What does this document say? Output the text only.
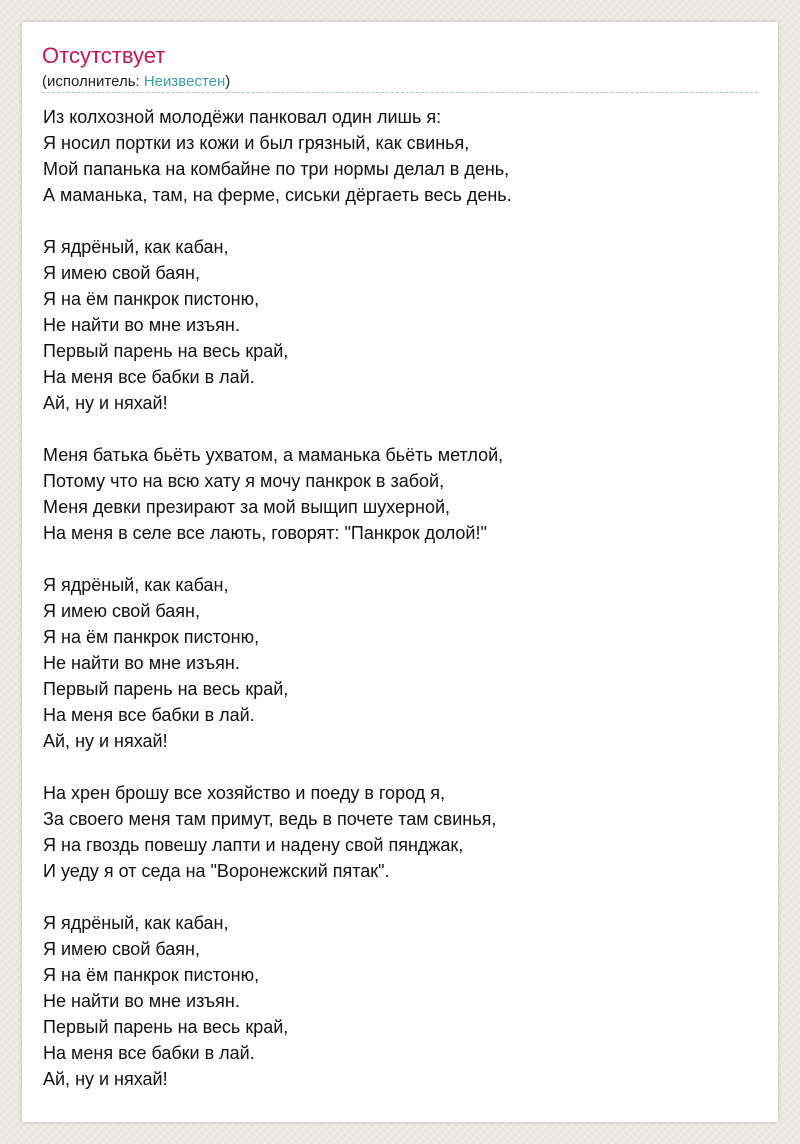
Отсутствует
(исполнитель: Неизвестен)
Из колхозной молодёжи панковал один лишь я:
Я носил портки из кожи и был грязный, как свинья,
Мой папанька на комбайне по три нормы делал в день,
А маманька, там, на ферме, сиськи дёргаеть весь день.
Я ядрёный, как кабан,
Я имею свой баян,
Я на ём панкрок пистоню,
Не найти во мне изъян.
Первый парень на весь край,
На меня все бабки в лай.
Ай, ну и няхай!
Меня батька бьёть ухватом, а маманька бьёть метлой,
Потому что на всю хату я мочу панкрок в забой,
Меня девки презирают за мой выщип шухерной,
На меня в селе все лають, говорят: "Панкрок долой!"
Я ядрёный, как кабан,
Я имею свой баян,
Я на ём панкрок пистоню,
Не найти во мне изъян.
Первый парень на весь край,
На меня все бабки в лай.
Ай, ну и няхай!
На хрен брошу все хозяйство и поеду в город я,
За своего меня там примут, ведь в почете там свинья,
Я на гвоздь повешу лапти и надену свой пянджак,
И уеду я от седа на "Воронежский пятак".
Я ядрёный, как кабан,
Я имею свой баян,
Я на ём панкрок пистоню,
Не найти во мне изъян.
Первый парень на весь край,
На меня все бабки в лай.
Ай, ну и няхай!
